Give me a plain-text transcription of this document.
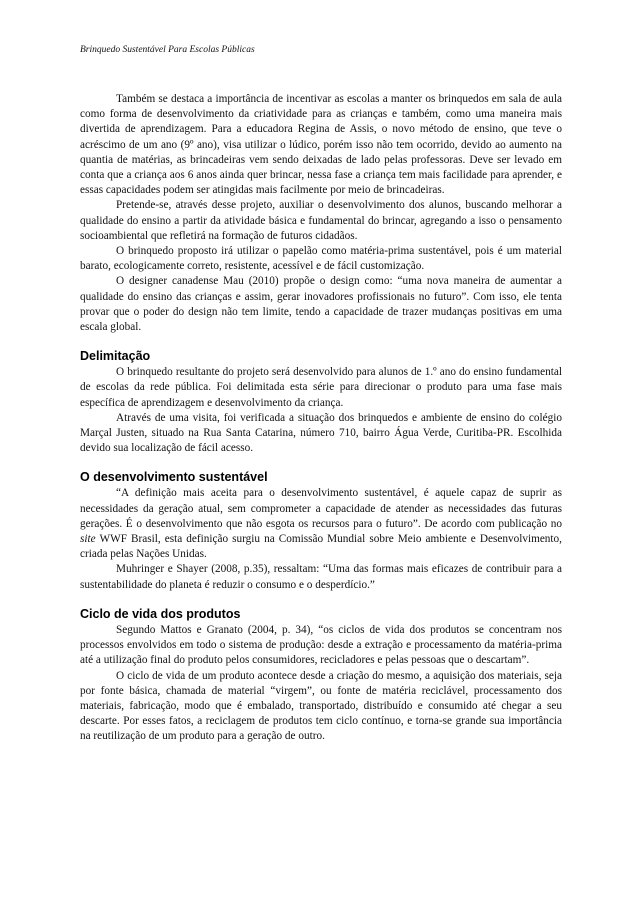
Brinquedo Sustentável Para Escolas Públicas

Também se destaca a importância de incentivar as escolas a manter os brinquedos em sala de aula como forma de desenvolvimento da criatividade para as crianças e também, como uma maneira mais divertida de aprendizagem. Para a educadora Regina de Assis, o novo método de ensino, que teve o acréscimo de um ano (9º ano), visa utilizar o lúdico, porém isso não tem ocorrido, devido ao aumento na quantia de matérias, as brincadeiras vem sendo deixadas de lado pelas professoras. Deve ser levado em conta que a criança aos 6 anos ainda quer brincar, nessa fase a criança tem mais facilidade para aprender, e essas capacidades podem ser atingidas mais facilmente por meio de brincadeiras.

Pretende-se, através desse projeto, auxiliar o desenvolvimento dos alunos, buscando melhorar a qualidade do ensino a partir da atividade básica e fundamental do brincar, agregando a isso o pensamento socioambiental que refletirá na formação de futuros cidadãos.

O brinquedo proposto irá utilizar o papelão como matéria-prima sustentável, pois é um material barato, ecologicamente correto, resistente, acessível e de fácil customização.

O designer canadense Mau (2010) propõe o design como: “uma nova maneira de aumentar a qualidade do ensino das crianças e assim, gerar inovadores profissionais no futuro”. Com isso, ele tenta provar que o poder do design não tem limite, tendo a capacidade de trazer mudanças positivas em uma escala global.

Delimitação

O brinquedo resultante do projeto será desenvolvido para alunos de 1.º ano do ensino fundamental de escolas da rede pública. Foi delimitada esta série para direcionar o produto para uma fase mais específica de aprendizagem e desenvolvimento da criança.

Através de uma visita, foi verificada a situação dos brinquedos e ambiente de ensino do colégio Marçal Justen, situado na Rua Santa Catarina, número 710, bairro Água Verde, Curitiba-PR. Escolhida devido sua localização de fácil acesso.

O desenvolvimento sustentável

“A definição mais aceita para o desenvolvimento sustentável, é aquele capaz de suprir as necessidades da geração atual, sem comprometer a capacidade de atender as necessidades das futuras gerações. É o desenvolvimento que não esgota os recursos para o futuro”. De acordo com publicação no site WWF Brasil, esta definição surgiu na Comissão Mundial sobre Meio ambiente e Desenvolvimento, criada pelas Nações Unidas.

Muhringer e Shayer (2008, p.35), ressaltam: “Uma das formas mais eficazes de contribuir para a sustentabilidade do planeta é reduzir o consumo e o desperdício.”

Ciclo de vida dos produtos

Segundo Mattos e Granato (2004, p. 34), “os ciclos de vida dos produtos se concentram nos processos envolvidos em todo o sistema de produção: desde a extração e processamento da matéria-prima até a utilização final do produto pelos consumidores, recicladores e pelas pessoas que o descartam”.

O ciclo de vida de um produto acontece desde a criação do mesmo, a aquisição dos materiais, seja por fonte básica, chamada de material “virgem”, ou fonte de matéria reciclável, processamento dos materiais, fabricação, modo que é embalado, transportado, distribuído e consumido até chegar a seu descarte. Por esses fatos, a reciclagem de produtos tem ciclo contínuo, e torna-se grande sua importância na reutilização de um produto para a geração de outro.
